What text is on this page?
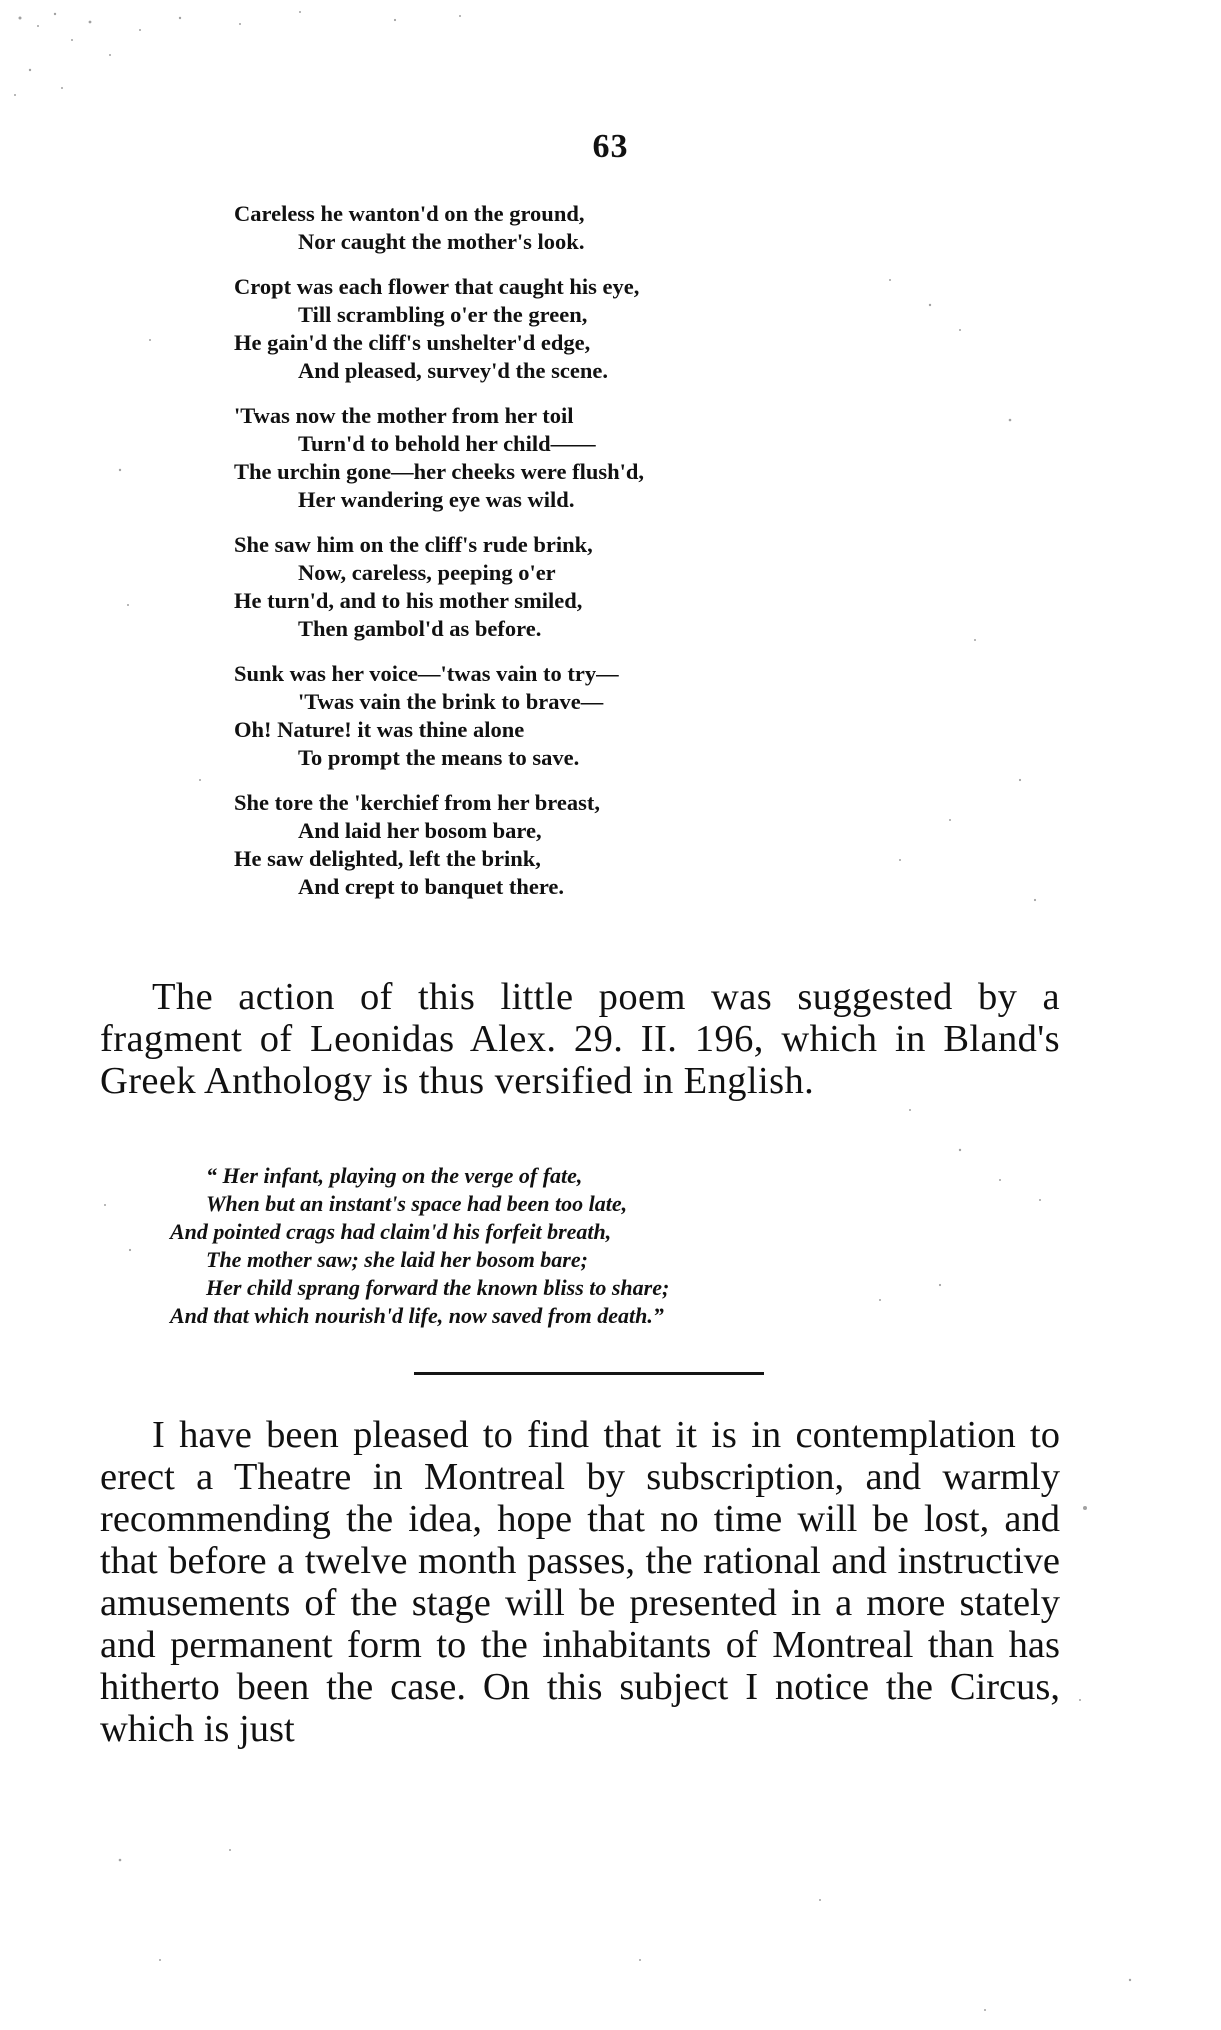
63
Careless he wanton'd on the ground,
Nor caught the mother's look.
Cropt was each flower that caught his eye,
Till scrambling o'er the green,
He gain'd the cliff's unshelter'd edge,
And pleased, survey'd the scene.
'Twas now the mother from her toil
Turn'd to behold her child——
The urchin gone—her cheeks were flush'd,
Her wandering eye was wild.
She saw him on the cliff's rude brink,
Now, careless, peeping o'er
He turn'd, and to his mother smiled,
Then gambol'd as before.
Sunk was her voice—'twas vain to try—
'Twas vain the brink to brave—
Oh! Nature! it was thine alone
To prompt the means to save.
She tore the 'kerchief from her breast,
And laid her bosom bare,
He saw delighted, left the brink,
And crept to banquet there.

The action of this little poem was suggested by a fragment of Leonidas Alex. 29. II. 196, which in Bland's Greek Anthology is thus versified in English.

“ Her infant, playing on the verge of fate,
When but an instant's space had been too late,
And pointed crags had claim'd his forfeit breath,
The mother saw; she laid her bosom bare;
Her child sprang forward the known bliss to share;
And that which nourish'd life, now saved from death.”

I have been pleased to find that it is in contemplation to erect a Theatre in Montreal by subscription, and warmly recommending the idea, hope that no time will be lost, and that before a twelve month passes, the rational and instructive amusements of the stage will be presented in a more stately and permanent form to the inhabitants of Montreal than has hitherto been the case. On this subject I notice the Circus, which is just
